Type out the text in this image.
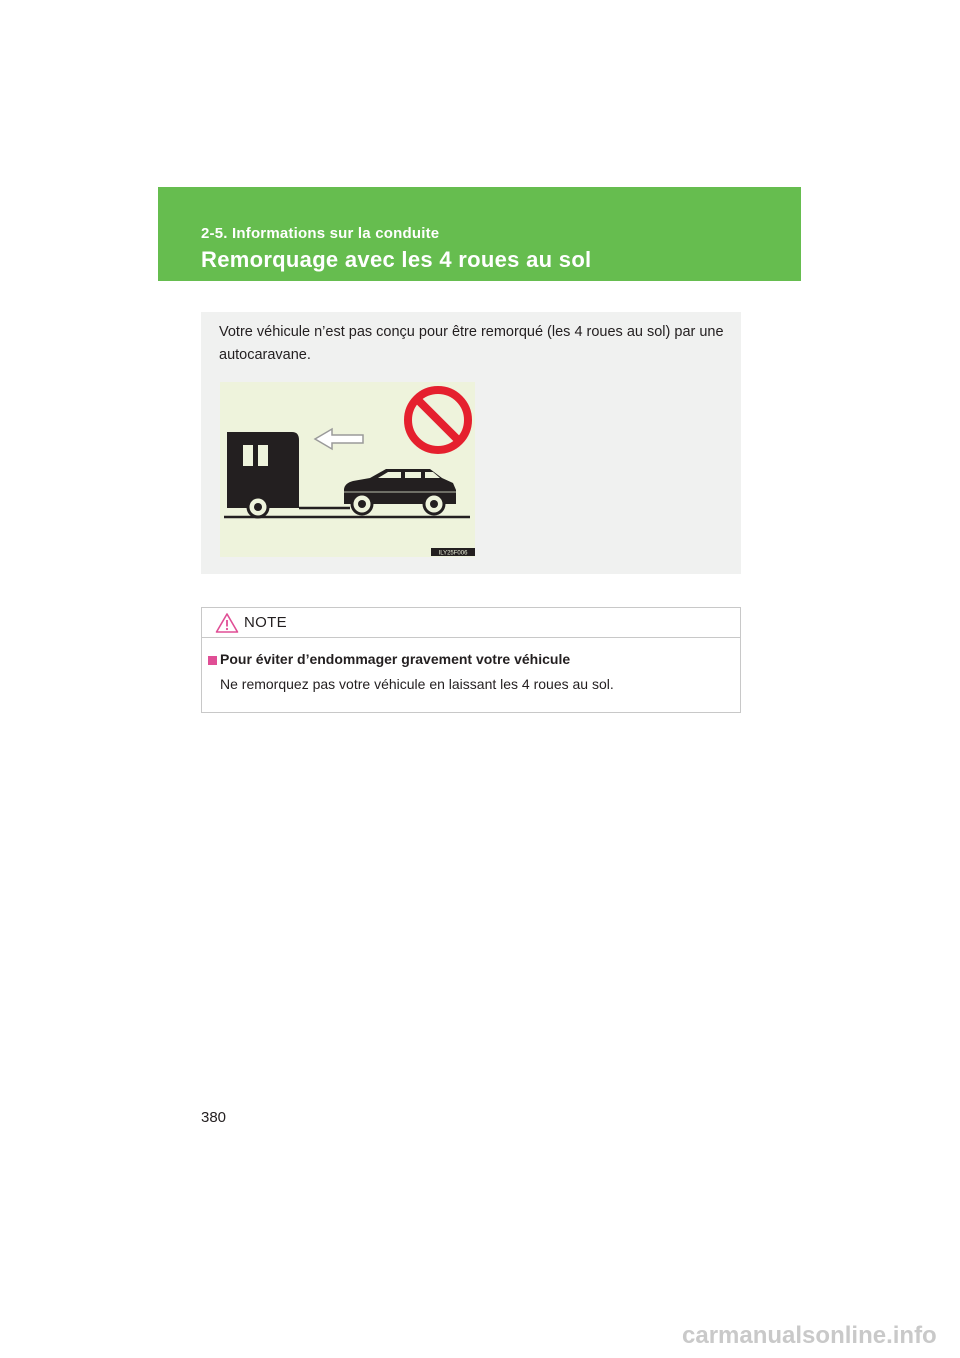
2-5. Informations sur la conduite
Remorquage avec les 4 roues au sol
Votre véhicule n’est pas conçu pour être remorqué (les 4 roues au sol) par une autocaravane.
ILY25F006
NOTE
Pour éviter d’endommager gravement votre véhicule
Ne remorquez pas votre véhicule en laissant les 4 roues au sol.
380
carmanualsonline.info
